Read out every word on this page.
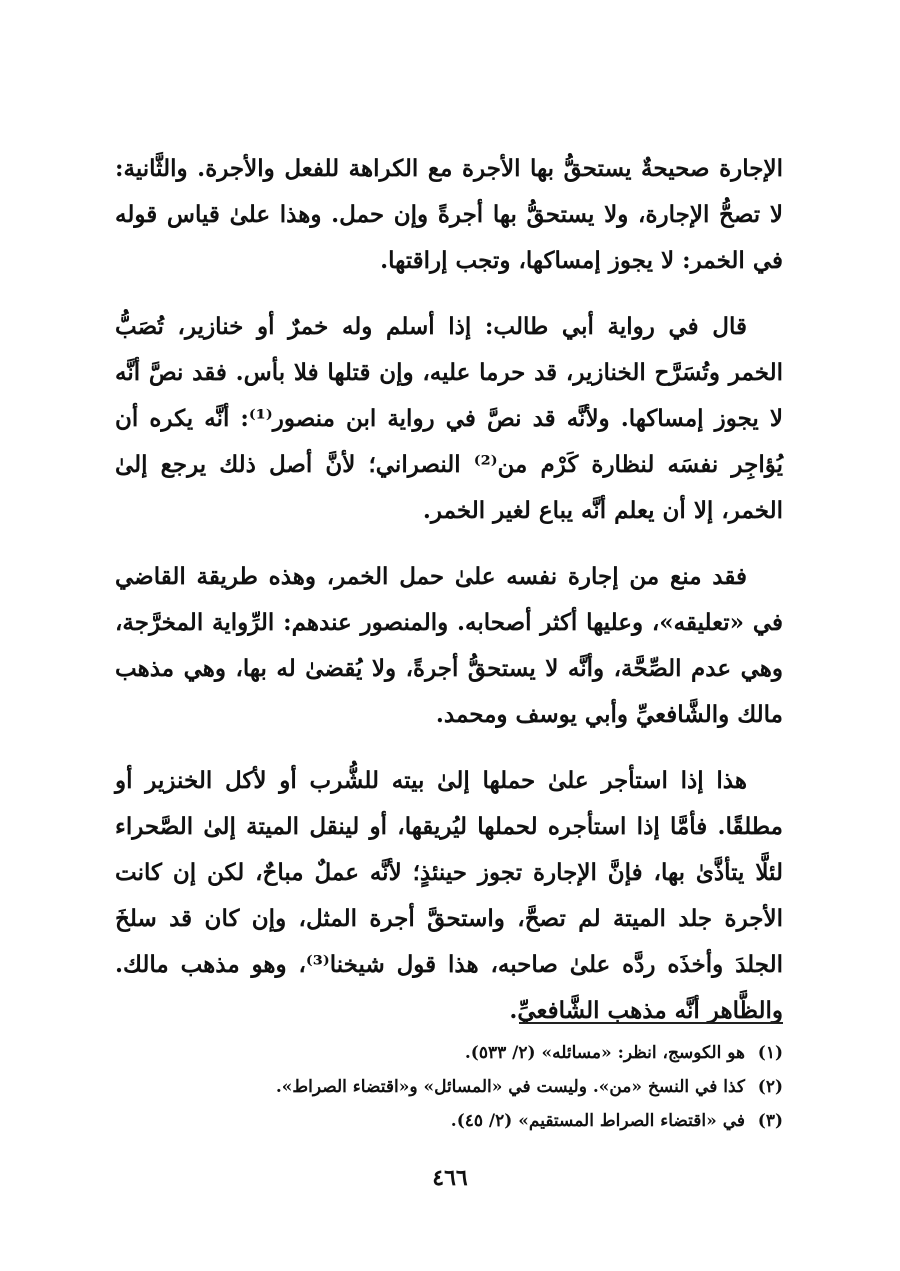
الإجارة صحيحةٌ يستحقُّ بها الأجرة مع الكراهة للفعل والأجرة. والثَّانية: لا تصحُّ الإجارة، ولا يستحقُّ بها أجرةً وإن حمل. وهذا علىٰ قياس قوله في الخمر: لا يجوز إمساكها، وتجب إراقتها.

قال في رواية أبي طالب: إذا أسلم وله خمرٌ أو خنازير، تُصَبُّ الخمر وتُسَرَّح الخنازير، قد حرما عليه، وإن قتلها فلا بأس. فقد نصَّ أنَّه لا يجوز إمساكها. ولأنَّه قد نصَّ في رواية ابن منصور⁽¹⁾: أنَّه يكره أن يُؤاجِر نفسَه لنظارة كَرْم من⁽²⁾ النصراني؛ لأنَّ أصل ذلك يرجع إلىٰ الخمر، إلا أن يعلم أنَّه يباع لغير الخمر.

فقد منع من إجارة نفسه علىٰ حمل الخمر، وهذه طريقة القاضي في «تعليقه»، وعليها أكثر أصحابه. والمنصور عندهم: الرِّواية المخرَّجة، وهي عدم الصِّحَّة، وأنَّه لا يستحقُّ أجرةً، ولا يُقضىٰ له بها، وهي مذهب مالك والشَّافعيِّ وأبي يوسف ومحمد.

هذا إذا استأجر علىٰ حملها إلىٰ بيته للشُّرب أو لأكل الخنزير أو مطلقًا. فأمَّا إذا استأجره لحملها ليُريقها، أو لينقل الميتة إلىٰ الصَّحراء لئلَّا يتأذَّىٰ بها، فإنَّ الإجارة تجوز حينئذٍ؛ لأنَّه عملٌ مباحٌ، لكن إن كانت الأجرة جلد الميتة لم تصحَّ، واستحقَّ أجرة المثل، وإن كان قد سلخَ الجلدَ وأخذَه ردَّه علىٰ صاحبه، هذا قول شيخنا⁽³⁾، وهو مذهب مالك. والظَّاهر أنَّه مذهب الشَّافعيِّ.

(١)هو الكوسج، انظر: «مسائله» (٢/ ٥٣٣).
(٢)كذا في النسخ «من». وليست في «المسائل» و«اقتضاء الصراط».
(٣)في «اقتضاء الصراط المستقيم» (٢/ ٤٥).
٤٦٦
